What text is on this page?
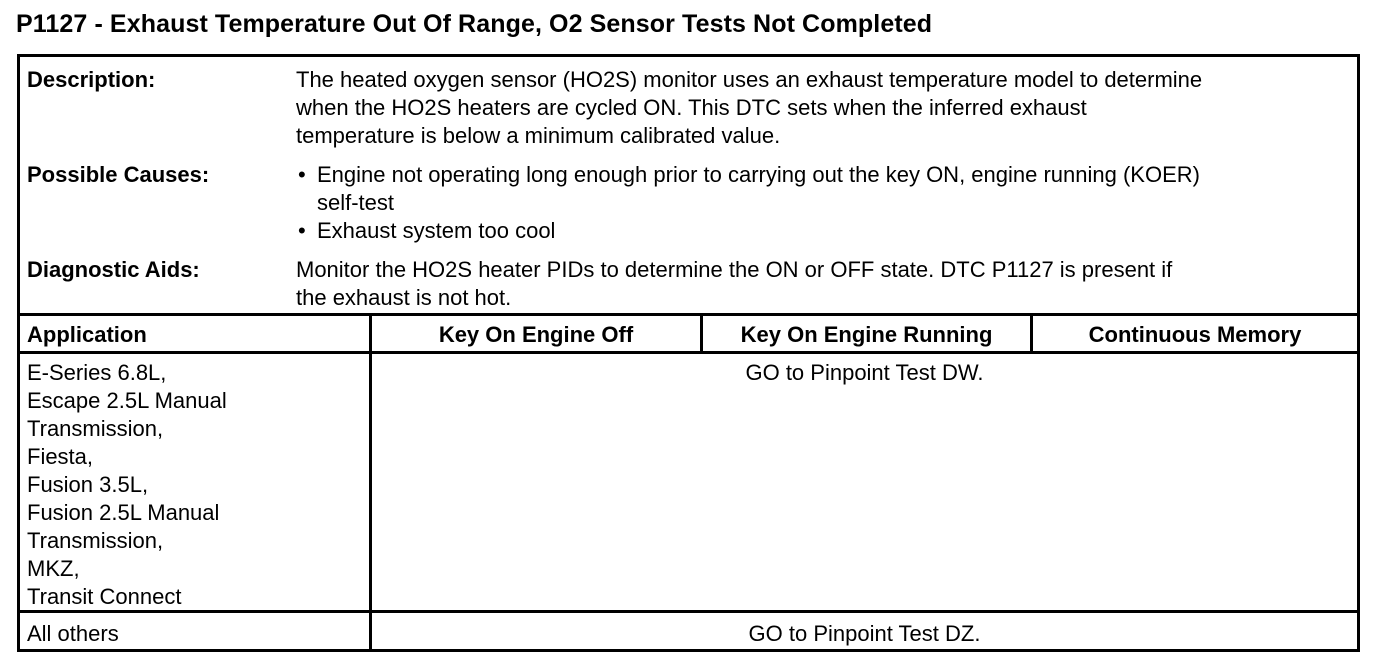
P1127 - Exhaust Temperature Out Of Range, O2 Sensor Tests Not Completed
Description:	The heated oxygen sensor (HO2S) monitor uses an exhaust temperature model to determine
when the HO2S heaters are cycled ON. This DTC sets when the inferred exhaust
temperature is below a minimum calibrated value.
Possible Causes:
•	Engine not operating long enough prior to carrying out the key ON, engine running (KOER)
self-test
• Exhaust system too cool
Diagnostic Aids:	Monitor the HO2S heater PIDs to determine the ON or OFF state. DTC P1127 is present if
the exhaust is not hot.
Application	Key On Engine Off	Key On Engine Running	Continuous Memory
E-Series 6.8L,
Escape 2.5L Manual
Transmission,
Fiesta,
Fusion 3.5L,
Fusion 2.5L Manual
Transmission,
MKZ,
Transit Connect
GO to Pinpoint Test DW.
All others	GO to Pinpoint Test DZ.
